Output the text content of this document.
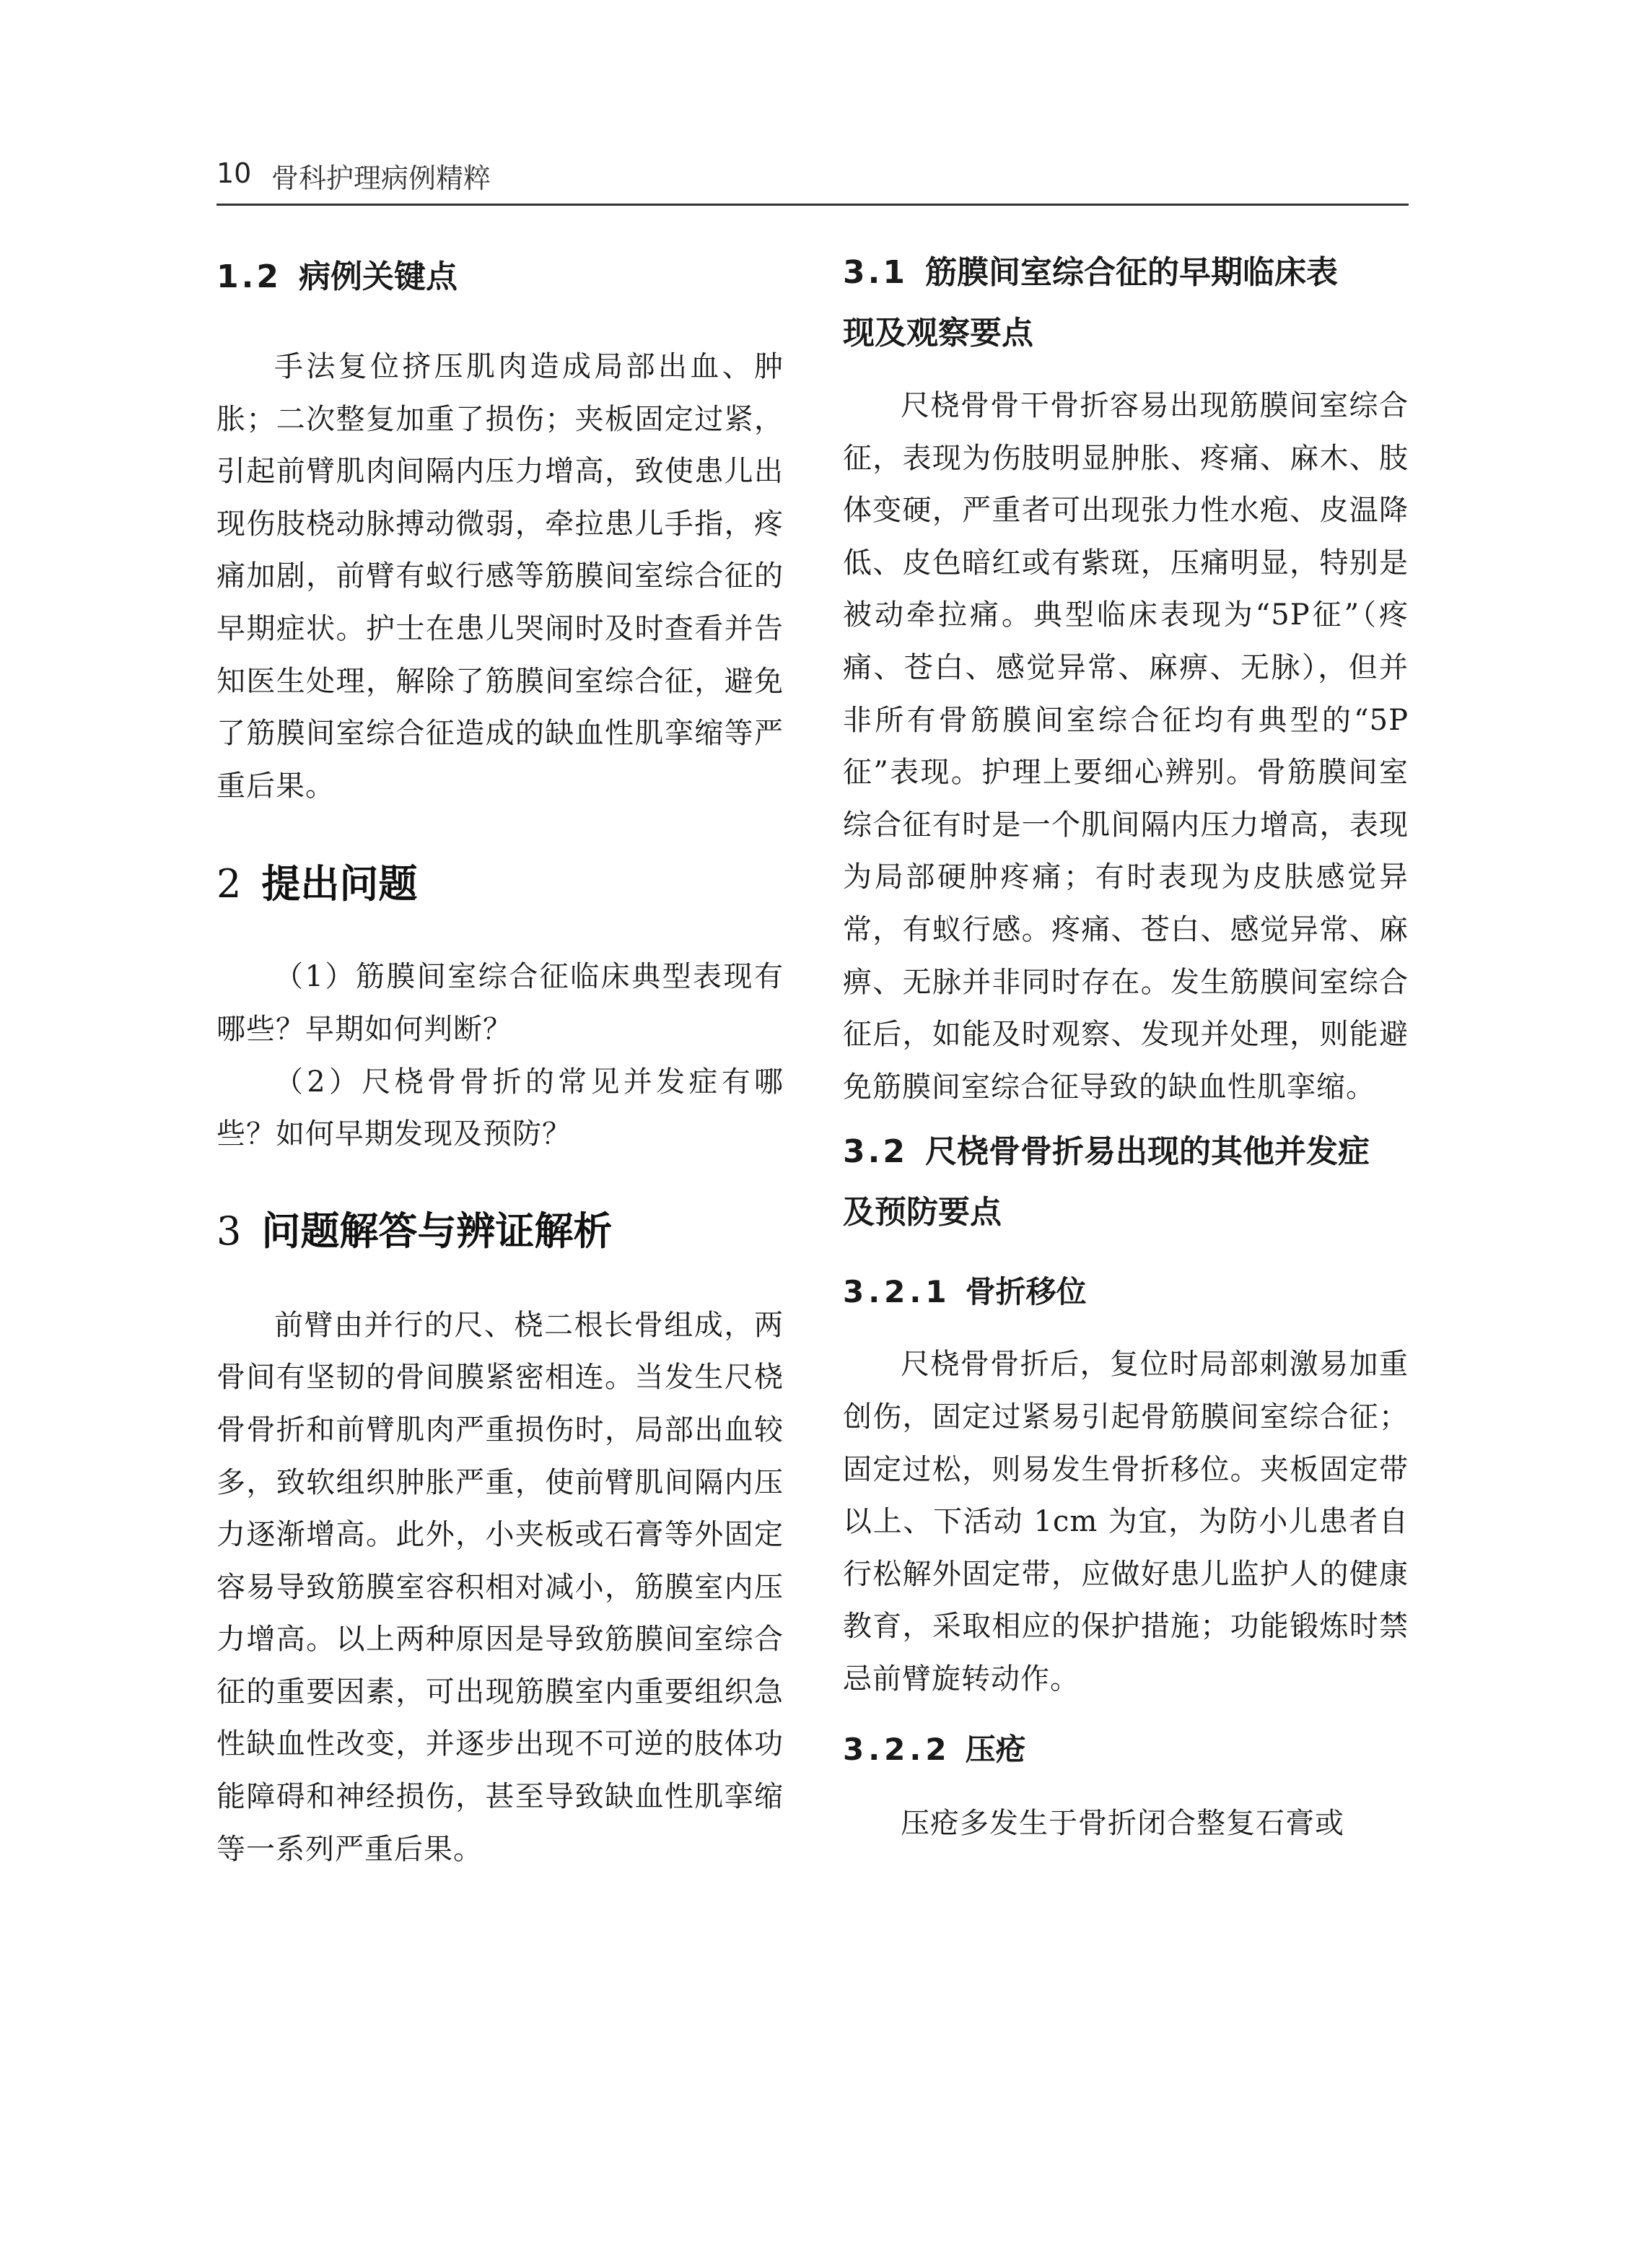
10 骨科护理病例精粹
1.2 病例关键点

手法复位挤压肌肉造成局部出血、肿胀；二次整复加重了损伤；夹板固定过紧，引起前臂肌肉间隔内压力增高，致使患儿出现伤肢桡动脉搏动微弱，牵拉患儿手指，疼痛加剧，前臂有蚁行感等筋膜间室综合征的早期症状。护士在患儿哭闹时及时查看并告知医生处理，解除了筋膜间室综合征，避免了筋膜间室综合征造成的缺血性肌挛缩等严重后果。

2 提出问题

（1）筋膜间室综合征临床典型表现有哪些？早期如何判断？

（2）尺桡骨骨折的常见并发症有哪些？如何早期发现及预防？

3 问题解答与辨证解析

前臂由并行的尺、桡二根长骨组成，两骨间有坚韧的骨间膜紧密相连。当发生尺桡骨骨折和前臂肌肉严重损伤时，局部出血较多，致软组织肿胀严重，使前臂肌间隔内压力逐渐增高。此外，小夹板或石膏等外固定容易导致筋膜室容积相对减小，筋膜室内压力增高。以上两种原因是导致筋膜间室综合征的重要因素，可出现筋膜室内重要组织急性缺血性改变，并逐步出现不可逆的肢体功能障碍和神经损伤，甚至导致缺血性肌挛缩等一系列严重后果。

3.1 筋膜间室综合征的早期临床表
现及观察要点

尺桡骨骨干骨折容易出现筋膜间室综合征，表现为伤肢明显肿胀、疼痛、麻木、肢体变硬，严重者可出现张力性水疱、皮温降低、皮色暗红或有紫斑，压痛明显，特别是被动牵拉痛。典型临床表现为“5P征”（疼痛、苍白、感觉异常、麻痹、无脉），但并非所有骨筋膜间室综合征均有典型的“5P征”表现。护理上要细心辨别。骨筋膜间室综合征有时是一个肌间隔内压力增高，表现为局部硬肿疼痛；有时表现为皮肤感觉异常，有蚁行感。疼痛、苍白、感觉异常、麻痹、无脉并非同时存在。发生筋膜间室综合征后，如能及时观察、发现并处理，则能避免筋膜间室综合征导致的缺血性肌挛缩。

3.2 尺桡骨骨折易出现的其他并发症
及预防要点
3.2.1 骨折移位

尺桡骨骨折后，复位时局部刺激易加重创伤，固定过紧易引起骨筋膜间室综合征；固定过松，则易发生骨折移位。夹板固定带以上、下活动 1cm 为宜，为防小儿患者自行松解外固定带，应做好患儿监护人的健康教育，采取相应的保护措施；功能锻炼时禁忌前臂旋转动作。

3.2.2 压疮

压疮多发生于骨折闭合整复石膏或
